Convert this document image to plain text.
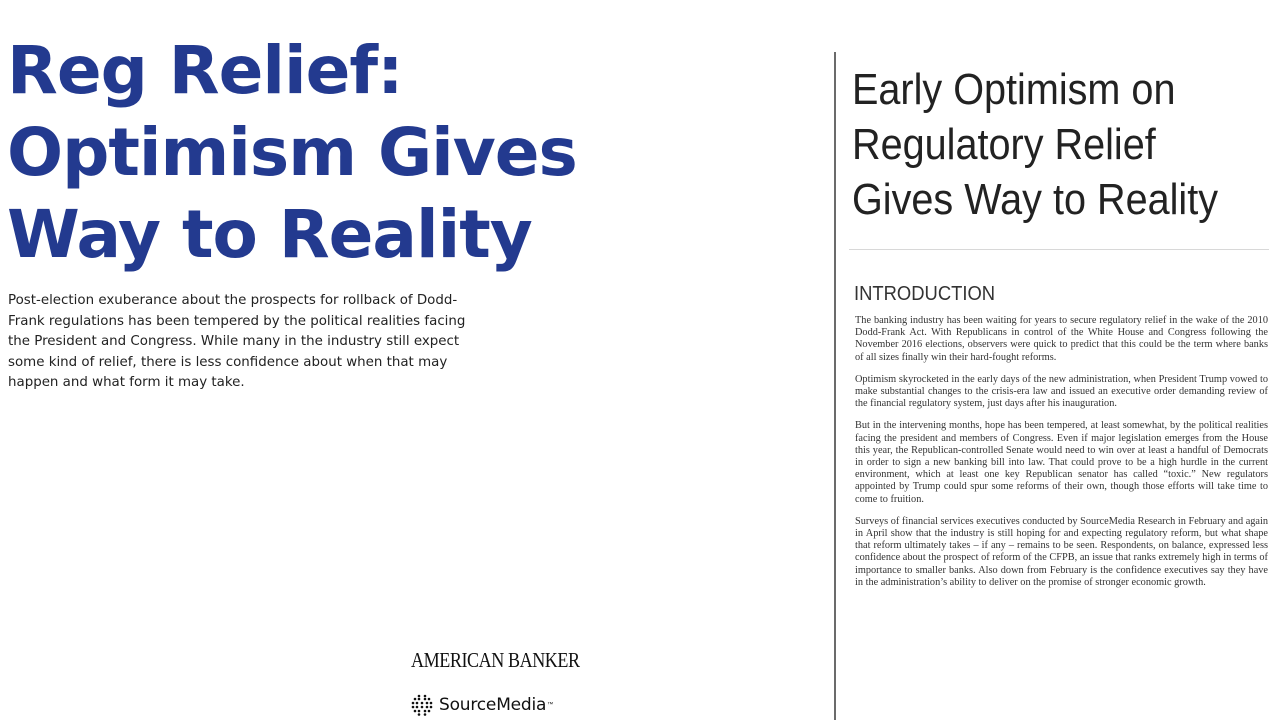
Reg Relief:
Optimism Gives
Way to Reality

Post-election exuberance about the prospects for rollback of Dodd-Frank regulations has been tempered by the political realities facing the President and Congress. While many in the industry still expect some kind of relief, there is less confidence about when that may happen and what form it may take.

AMERICAN BANKER
SourceMedia ™
Early Optimism on
Regulatory Relief
Gives Way to Reality
INTRODUCTION

The banking industry has been waiting for years to secure regulatory relief in the wake of the 2010 Dodd-Frank Act. With Republicans in control of the White House and Congress following the November 2016 elections, observers were quick to predict that this could be the term where banks of all sizes finally win their hard-fought reforms.

Optimism skyrocketed in the early days of the new administration, when President Trump vowed to make substantial changes to the crisis-era law and issued an executive order demanding review of the financial regulatory system, just days after his inauguration.

But in the intervening months, hope has been tempered, at least somewhat, by the political realities facing the president and members of Congress. Even if major legislation emerges from the House this year, the Republican-controlled Senate would need to win over at least a handful of Democrats in order to sign a new banking bill into law. That could prove to be a high hurdle in the current environment, which at least one key Republican senator has called “toxic.” New regulators appointed by Trump could spur some reforms of their own, though those efforts will take time to come to fruition.

Surveys of financial services executives conducted by SourceMedia Research in February and again in April show that the industry is still hoping for and expecting regulatory reform, but what shape that reform ultimately takes – if any – remains to be seen. Respondents, on balance, expressed less confidence about the prospect of reform of the CFPB, an issue that ranks extremely high in terms of importance to smaller banks. Also down from February is the confidence executives say they have in the administration’s ability to deliver on the promise of stronger economic growth.
